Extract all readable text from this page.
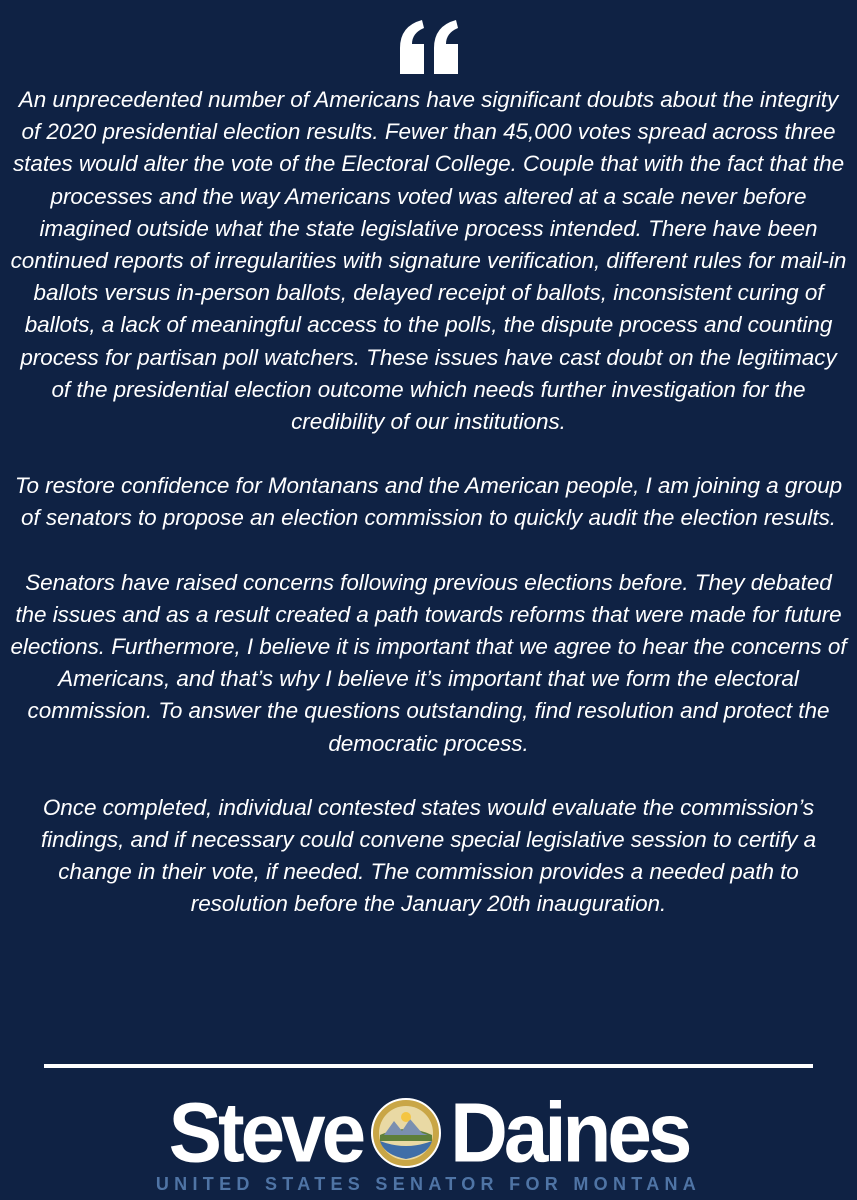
An unprecedented number of Americans have significant doubts about the integrity of 2020 presidential election results. Fewer than 45,000 votes spread across three states would alter the vote of the Electoral College. Couple that with the fact that the processes and the way Americans voted was altered at a scale never before imagined outside what the state legislative process intended. There have been continued reports of irregularities with signature verification, different rules for mail-in ballots versus in-person ballots, delayed receipt of ballots, inconsistent curing of ballots, a lack of meaningful access to the polls, the dispute process and counting process for partisan poll watchers. These issues have cast doubt on the legitimacy of the presidential election outcome which needs further investigation for the credibility of our institutions.

To restore confidence for Montanans and the American people, I am joining a group of senators to propose an election commission to quickly audit the election results.

Senators have raised concerns following previous elections before. They debated the issues and as a result created a path towards reforms that were made for future elections. Furthermore, I believe it is important that we agree to hear the concerns of Americans, and that’s why I believe it’s important that we form the electoral commission. To answer the questions outstanding, find resolution and protect the democratic process.

Once completed, individual contested states would evaluate the commission’s findings, and if necessary could convene special legislative session to certify a change in their vote, if needed. The commission provides a needed path to resolution before the January 20th inauguration.

Steve Daines
UNITED STATES SENATOR FOR MONTANA
